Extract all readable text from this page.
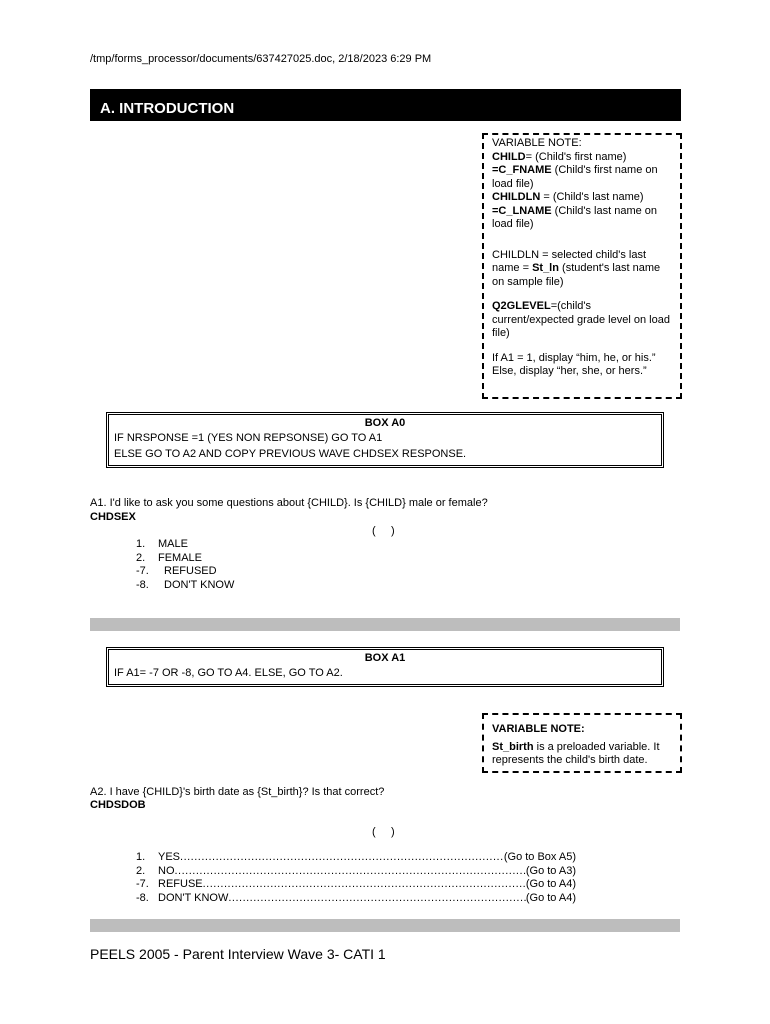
/tmp/forms_processor/documents/637427025.doc, 2/18/2023 6:29 PM
A. INTRODUCTION

VARIABLE NOTE:

CHILD= (Child's first name)

=C_FNAME (Child's first name on load file)

CHILDLN = (Child's last name)

=C_LNAME (Child's last name on load file)

CHILDLN = selected child's last name = St_ln (student's last name on sample file)

Q2GLEVEL=(child's current/expected grade level on load file)

If A1 = 1, display “him, he, or his.” Else, display “her, she, or hers.”

BOX A0
IF NRSPONSE =1 (YES NON REPSONSE) GO TO A1
ELSE GO TO A2 AND COPY PREVIOUS WAVE CHDSEX RESPONSE.
A1. I'd like to ask you some questions about {CHILD}. Is {CHILD} male or female?
CHDSEX
(     )
1.	MALE
2.	FEMALE
-7.	REFUSED
-8.	DON'T KNOW
BOX A1
IF A1= -7 OR -8, GO TO A4. ELSE, GO TO A2.

VARIABLE NOTE:

St_birth is a preloaded variable. It represents the child's birth date.

A2. I have {CHILD}'s birth date as {St_birth}? Is that correct?
CHDSDOB
(     )
1.	YES .....	(Go to Box A5)
2.	NO .....	(Go to A3)
-7. REFUSE .....	(Go to A4)
-8. DON'T KNOW .....	(Go to A4)
PEELS 2005 - Parent Interview Wave 3- CATI 1
